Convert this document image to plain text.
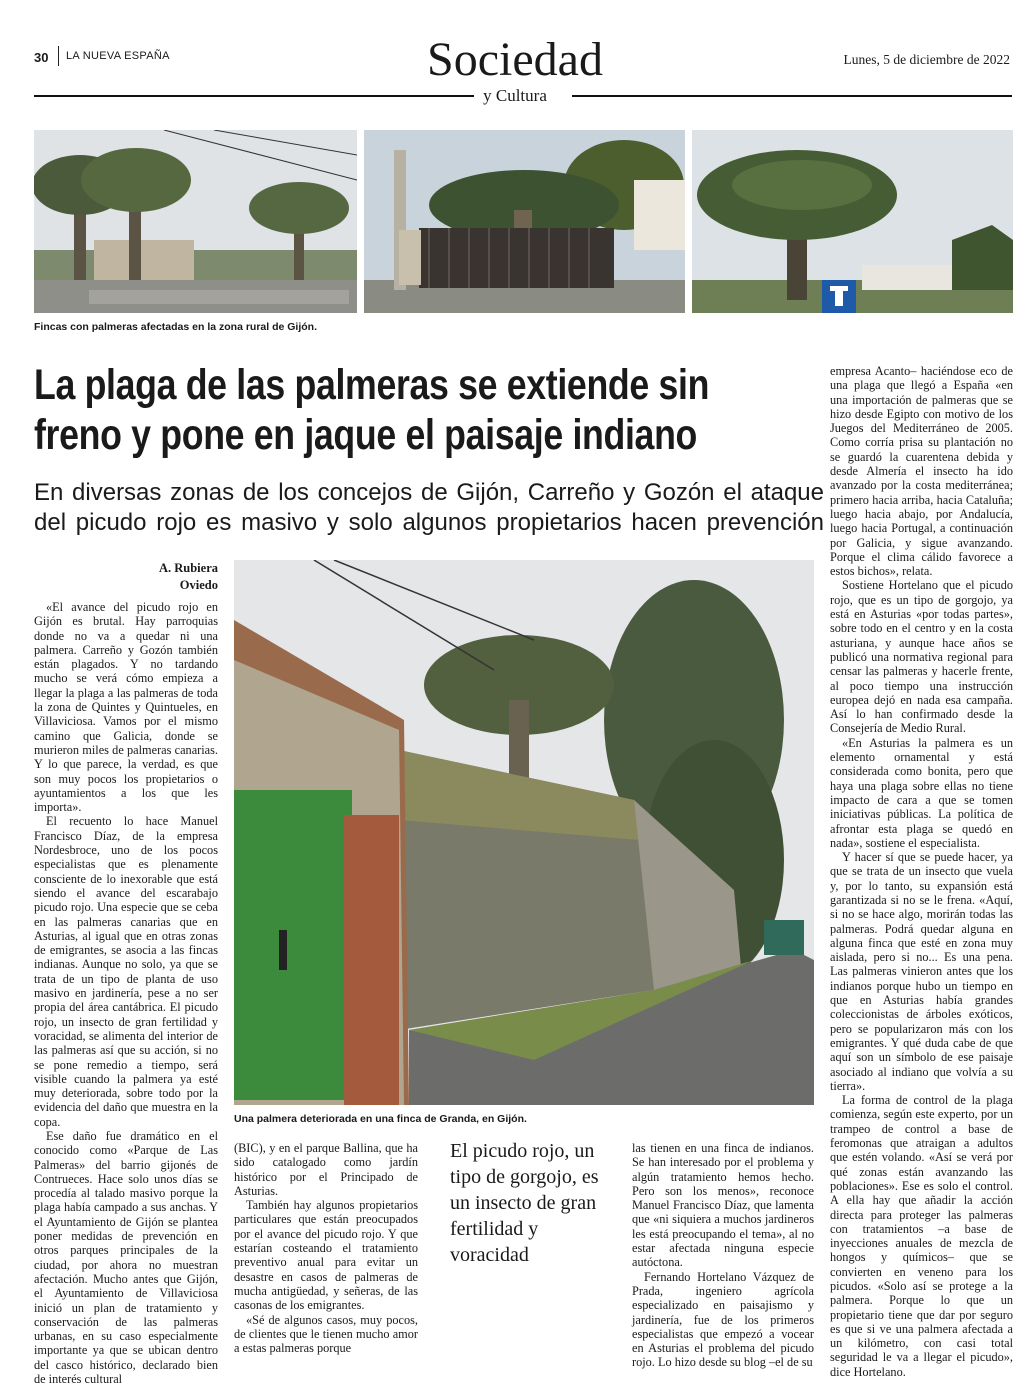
30 LA NUEVA ESPAÑA	Sociedad
y Cultura
Lunes, 5 de diciembre de 2022
Fincas con palmeras afectadas en la zona rural de Gijón.
La plaga de las palmeras se extiende sin
freno y pone en jaque el paisaje indiano
En diversas zonas de los concejos de Gijón, Carreño y Gozón el ataque del picudo rojo es masivo y solo algunos propietarios hacen prevención
A. Rubiera
Oviedo
Una palmera deteriorada en una finca de Granda, en Gijón.

«El avance del picudo rojo en Gijón es brutal. Hay parroquias donde no va a quedar ni una palmera. Carreño y Gozón también están plagados. Y no tardando mucho se verá cómo empieza a llegar la plaga a las palmeras de toda la zona de Quintes y Quintueles, en Villaviciosa. Vamos por el mismo camino que Galicia, donde se murieron miles de palmeras canarias. Y lo que parece, la verdad, es que son muy pocos los propietarios o ayuntamientos a los que les importa».

El recuento lo hace Manuel Francisco Díaz, de la empresa Nordesbroce, uno de los pocos especialistas que es plenamente consciente de lo inexorable que está siendo el avance del escarabajo picudo rojo. Una especie que se ceba en las palmeras canarias que en Asturias, al igual que en otras zonas de emigrantes, se asocia a las fincas indianas. Aunque no solo, ya que se trata de un tipo de planta de uso masivo en jardinería, pese a no ser propia del área cantábrica. El picudo rojo, un insecto de gran fertilidad y voracidad, se alimenta del interior de las palmeras así que su acción, si no se pone remedio a tiempo, será visible cuando la palmera ya esté muy deteriorada, sobre todo por la evidencia del daño que muestra en la copa.

Ese daño fue dramático en el conocido como «Parque de Las Palmeras» del barrio gijonés de Contrueces. Hace solo unos días se procedía al talado masivo porque la plaga había campado a sus anchas. Y el Ayuntamiento de Gijón se plantea poner medidas de prevención en otros parques principales de la ciudad, por ahora no muestran afectación. Mucho antes que Gijón, el Ayuntamiento de Villaviciosa inició un plan de tratamiento y conservación de las palmeras urbanas, en su caso especialmente importante ya que se ubican dentro del casco histórico, declarado bien de interés cultural

(BIC), y en el parque Ballina, que ha sido catalogado como jardín histórico por el Principado de Asturias.

También hay algunos propietarios particulares que están preocupados por el avance del picudo rojo. Y que estarían costeando el tratamiento preventivo anual para evitar un desastre en casos de palmeras de mucha antigüedad, y señeras, de las casonas de los emigrantes.

«Sé de algunos casos, muy pocos, de clientes que le tienen mucho amor a estas palmeras porque

El picudo rojo, un tipo de gorgojo, es un insecto de gran fertilidad y voracidad

las tienen en una finca de indianos. Se han interesado por el problema y algún tratamiento hemos hecho. Pero son los menos», reconoce Manuel Francisco Díaz, que lamenta que «ni siquiera a muchos jardineros les está preocupando el tema», al no estar afectada ninguna especie autóctona.

Fernando Hortelano Vázquez de Prada, ingeniero agrícola especializado en paisajismo y jardinería, fue de los primeros especialistas que empezó a vocear en Asturias el problema del picudo rojo. Lo hizo desde su blog –el de su

empresa Acanto– haciéndose eco de una plaga que llegó a España «en una importación de palmeras que se hizo desde Egipto con motivo de los Juegos del Mediterráneo de 2005. Como corría prisa su plantación no se guardó la cuarentena debida y desde Almería el insecto ha ido avanzado por la costa mediterránea; primero hacia arriba, hacia Cataluña; luego hacia abajo, por Andalucía, luego hacia Portugal, a continuación por Galicia, y sigue avanzando. Porque el clima cálido favorece a estos bichos», relata.

Sostiene Hortelano que el picudo rojo, que es un tipo de gorgojo, ya está en Asturias «por todas partes», sobre todo en el centro y en la costa asturiana, y aunque hace años se publicó una normativa regional para censar las palmeras y hacerle frente, al poco tiempo una instrucción europea dejó en nada esa campaña. Así lo han confirmado desde la Consejería de Medio Rural.

«En Asturias la palmera es un elemento ornamental y está considerada como bonita, pero que haya una plaga sobre ellas no tiene impacto de cara a que se tomen iniciativas públicas. La política de afrontar esta plaga se quedó en nada», sostiene el especialista.

Y hacer sí que se puede hacer, ya que se trata de un insecto que vuela y, por lo tanto, su expansión está garantizada si no se le frena. «Aquí, si no se hace algo, morirán todas las palmeras. Podrá quedar alguna en alguna finca que esté en zona muy aislada, pero si no... Es una pena. Las palmeras vinieron antes que los indianos porque hubo un tiempo en que en Asturias había grandes coleccionistas de árboles exóticos, pero se popularizaron más con los emigrantes. Y qué duda cabe de que aquí son un símbolo de ese paisaje asociado al indiano que volvía a su tierra».

La forma de control de la plaga comienza, según este experto, por un trampeo de control a base de feromonas que atraigan a adultos que estén volando. «Así se verá por qué zonas están avanzando las poblaciones». Ese es solo el control. A ella hay que añadir la acción directa para proteger las palmeras con tratamientos –a base de inyecciones anuales de mezcla de hongos y químicos– que se convierten en veneno para los picudos. «Solo así se protege a la palmera. Porque lo que un propietario tiene que dar por seguro es que si ve una palmera afectada a un kilómetro, con casi total seguridad le va a llegar el picudo», dice Hortelano.
